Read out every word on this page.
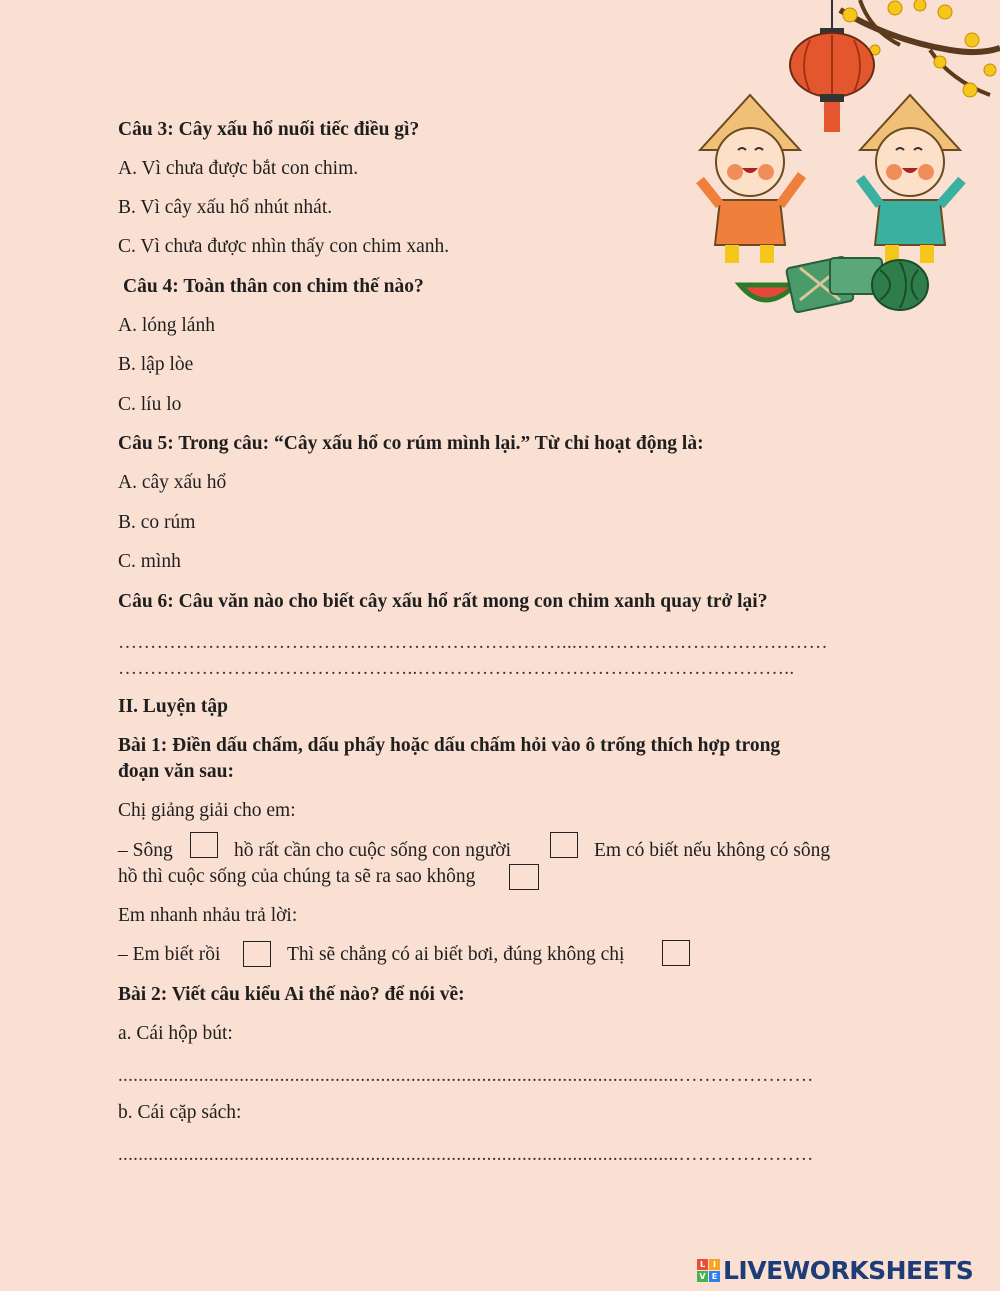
Câu 3: Cây xấu hổ nuối tiếc điều gì?
A. Vì chưa được bắt con chim.
B. Vì cây xấu hổ nhút nhát.
C. Vì chưa được nhìn thấy con chim xanh.
Câu 4: Toàn thân con chim thế nào?
A. lóng lánh
B. lập lòe
C. líu lo
Câu 5: Trong câu: “Cây xấu hổ co rúm mình lại.” Từ chỉ hoạt động là:
A. cây xấu hổ
B. co rúm
C. mình
Câu 6: Câu văn nào cho biết cây xấu hổ rất mong con chim xanh quay trở lại?
……………………………………………………………...…………………………………
………………………………………..…………………………………………………..
II. Luyện tập
Bài 1: Điền dấu chấm, dấu phẩy hoặc dấu chấm hỏi vào ô trống thích hợp trong
đoạn văn sau:
Chị giảng giải cho em:
– Sông	hồ rất cần cho cuộc sống con người	Em có biết nếu không có sông
hồ thì cuộc sống của chúng ta sẽ ra sao không
Em nhanh nhảu trả lời:
– Em biết rồi	Thì sẽ chẳng có ai biết bơi, đúng không chị
Bài 2: Viết câu kiểu Ai thế nào? để nói về:
a. Cái hộp bút:
...............................................................................................................…………………
b. Cái cặp sách:
...............................................................................................................…………………
L I
V E LIVEWORKSHEETS
